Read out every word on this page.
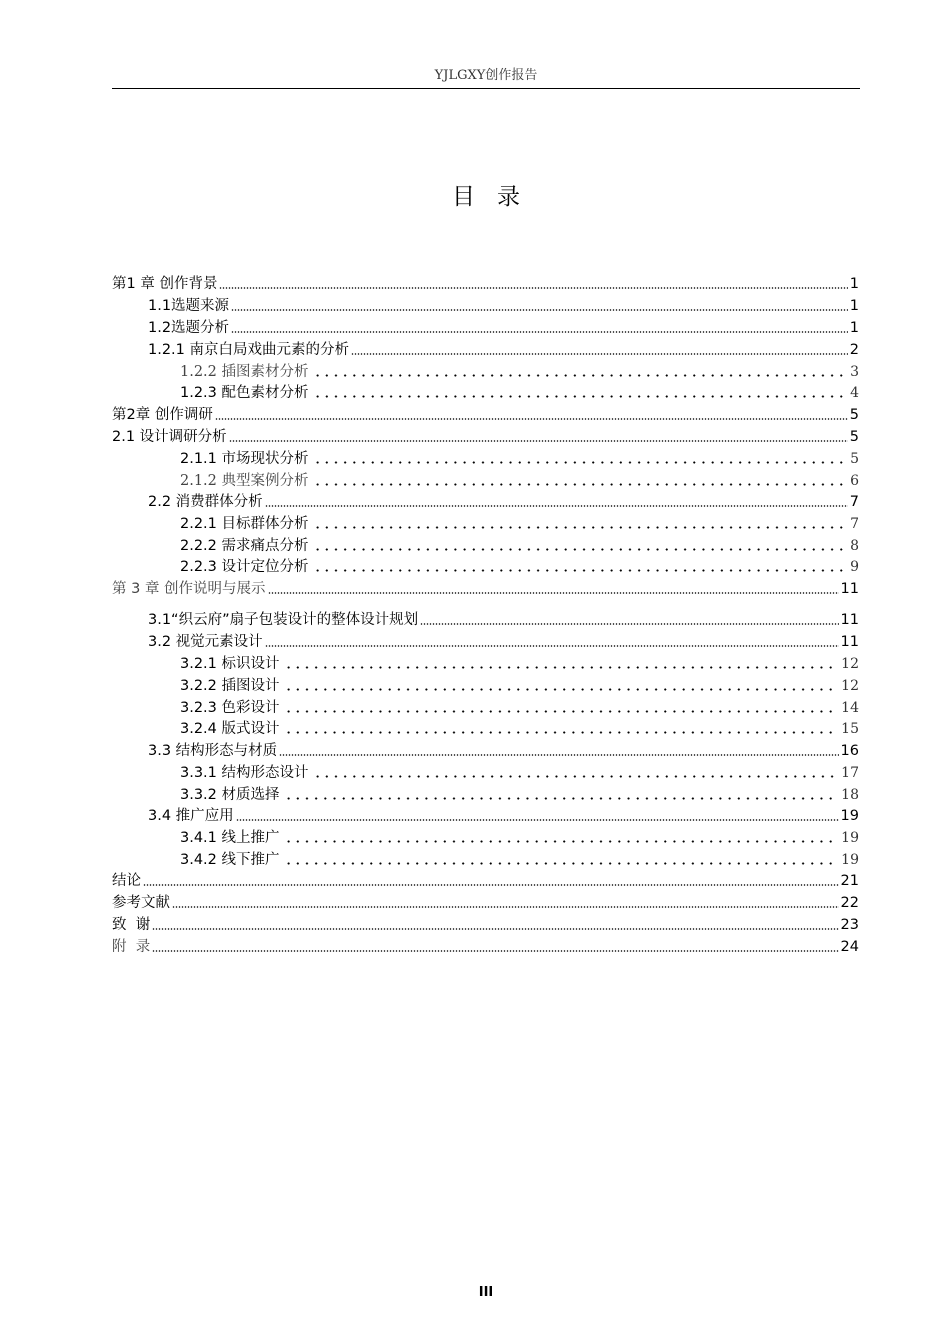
YJLGXY创作报告
目 录
第1 章 创作背景	1
1.1选题来源	1
1.2选题分析	1
1.2.1 南京白局戏曲元素的分析	2
1.2.2 插图素材分析	3
1.2.3 配色素材分析	4
第2章 创作调研	5
2.1 设计调研分析	5
2.1.1 市场现状分析	5
2.1.2 典型案例分析	6
2.2 消费群体分析	7
2.2.1 目标群体分析	7
2.2.2 需求痛点分析	8
2.2.3 设计定位分析	9
第 3 章 创作说明与展示	11
3.1“织云府”扇子包装设计的整体设计规划	11
3.2 视觉元素设计	11
3.2.1 标识设计	12
3.2.2 插图设计	12
3.2.3 色彩设计	14
3.2.4 版式设计	15
3.3 结构形态与材质	16
3.3.1 结构形态设计	17
3.3.2 材质选择	18
3.4 推广应用	19
3.4.1 线上推广	19
3.4.2 线下推广	19
结论	21
参考文献	22
致  谢	23
附  录	24
III
